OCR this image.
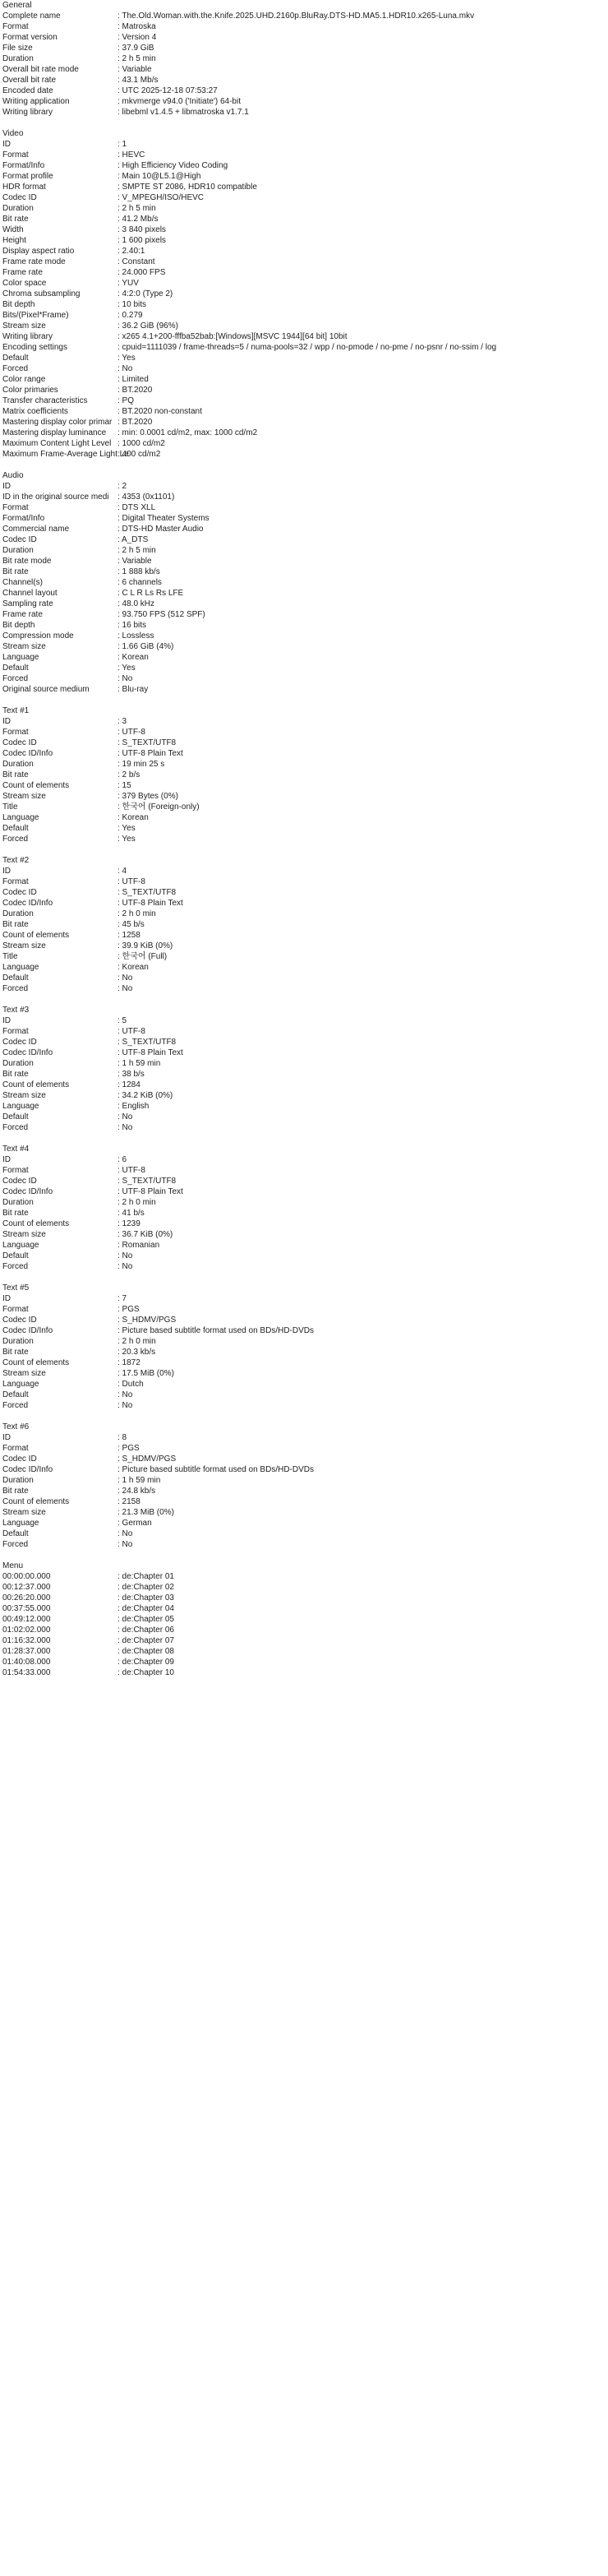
General
Complete name	: The.Old.Woman.with.the.Knife.2025.UHD.2160p.BluRay.DTS-HD.MA5.1.HDR10.x265-Luna.mkv
Format	: Matroska
Format version	: Version 4
File size	: 37.9 GiB
Duration	: 2 h 5 min
Overall bit rate mode	: Variable
Overall bit rate	: 43.1 Mb/s
Encoded date	: UTC 2025-12-18 07:53:27
Writing application	: mkvmerge v94.0 ('Initiate') 64-bit
Writing library	: libebml v1.4.5 + libmatroska v1.7.1
Video
ID	: 1
Format	: HEVC
Format/Info	: High Efficiency Video Coding
Format profile	: Main 10@L5.1@High
HDR format	: SMPTE ST 2086, HDR10 compatible
Codec ID	: V_MPEGH/ISO/HEVC
Duration	: 2 h 5 min
Bit rate	: 41.2 Mb/s
Width	: 3 840 pixels
Height	: 1 600 pixels
Display aspect ratio	: 2.40:1
Frame rate mode	: Constant
Frame rate	: 24.000 FPS
Color space	: YUV
Chroma subsampling	: 4:2:0 (Type 2)
Bit depth	: 10 bits
Bits/(Pixel*Frame)	: 0.279
Stream size	: 36.2 GiB (96%)
Writing library	: x265 4.1+200-fffba52bab:[Windows][MSVC 1944][64 bit] 10bit
Encoding settings	: cpuid=1111039 / frame-threads=5 / numa-pools=32 / wpp / no-pmode / no-pme / no-psnr / no-ssim / log
Default	: Yes
Forced	: No
Color range	: Limited
Color primaries	: BT.2020
Transfer characteristics	: PQ
Matrix coefficients	: BT.2020 non-constant
Mastering display color primar : BT.2020
Mastering display luminance : min: 0.0001 cd/m2, max: 1000 cd/m2
Maximum Content Light Level : 1000 cd/m2
Maximum Frame-Average Light Le: 400 cd/m2
Audio
ID	: 2
ID in the original source medi : 4353 (0x1101)
Format	: DTS XLL
Format/Info	: Digital Theater Systems
Commercial name	: DTS-HD Master Audio
Codec ID	: A_DTS
Duration	: 2 h 5 min
Bit rate mode	: Variable
Bit rate	: 1 888 kb/s
Channel(s)	: 6 channels
Channel layout	: C L R Ls Rs LFE
Sampling rate	: 48.0 kHz
Frame rate	: 93.750 FPS (512 SPF)
Bit depth	: 16 bits
Compression mode	: Lossless
Stream size	: 1.66 GiB (4%)
Language	: Korean
Default	: Yes
Forced	: No
Original source medium	: Blu-ray
Text #1
ID	: 3
Format	: UTF-8
Codec ID	: S_TEXT/UTF8
Codec ID/Info	: UTF-8 Plain Text
Duration	: 19 min 25 s
Bit rate	: 2 b/s
Count of elements	: 15
Stream size	: 379 Bytes (0%)
Title	: 한국어 (Foreign-only)
Language	: Korean
Default	: Yes
Forced	: Yes
Text #2
ID	: 4
Format	: UTF-8
Codec ID	: S_TEXT/UTF8
Codec ID/Info	: UTF-8 Plain Text
Duration	: 2 h 0 min
Bit rate	: 45 b/s
Count of elements	: 1258
Stream size	: 39.9 KiB (0%)
Title	: 한국어 (Full)
Language	: Korean
Default	: No
Forced	: No
Text #3
ID	: 5
Format	: UTF-8
Codec ID	: S_TEXT/UTF8
Codec ID/Info	: UTF-8 Plain Text
Duration	: 1 h 59 min
Bit rate	: 38 b/s
Count of elements	: 1284
Stream size	: 34.2 KiB (0%)
Language	: English
Default	: No
Forced	: No
Text #4
ID	: 6
Format	: UTF-8
Codec ID	: S_TEXT/UTF8
Codec ID/Info	: UTF-8 Plain Text
Duration	: 2 h 0 min
Bit rate	: 41 b/s
Count of elements	: 1239
Stream size	: 36.7 KiB (0%)
Language	: Romanian
Default	: No
Forced	: No
Text #5
ID	: 7
Format	: PGS
Codec ID	: S_HDMV/PGS
Codec ID/Info	: Picture based subtitle format used on BDs/HD-DVDs
Duration	: 2 h 0 min
Bit rate	: 20.3 kb/s
Count of elements	: 1872
Stream size	: 17.5 MiB (0%)
Language	: Dutch
Default	: No
Forced	: No
Text #6
ID	: 8
Format	: PGS
Codec ID	: S_HDMV/PGS
Codec ID/Info	: Picture based subtitle format used on BDs/HD-DVDs
Duration	: 1 h 59 min
Bit rate	: 24.8 kb/s
Count of elements	: 2158
Stream size	: 21.3 MiB (0%)
Language	: German
Default	: No
Forced	: No
Menu
00:00:00.000	: de:Chapter 01
00:12:37.000	: de:Chapter 02
00:26:20.000	: de:Chapter 03
00:37:55.000	: de:Chapter 04
00:49:12.000	: de:Chapter 05
01:02:02.000	: de:Chapter 06
01:16:32.000	: de:Chapter 07
01:28:37.000	: de:Chapter 08
01:40:08.000	: de:Chapter 09
01:54:33.000	: de:Chapter 10
